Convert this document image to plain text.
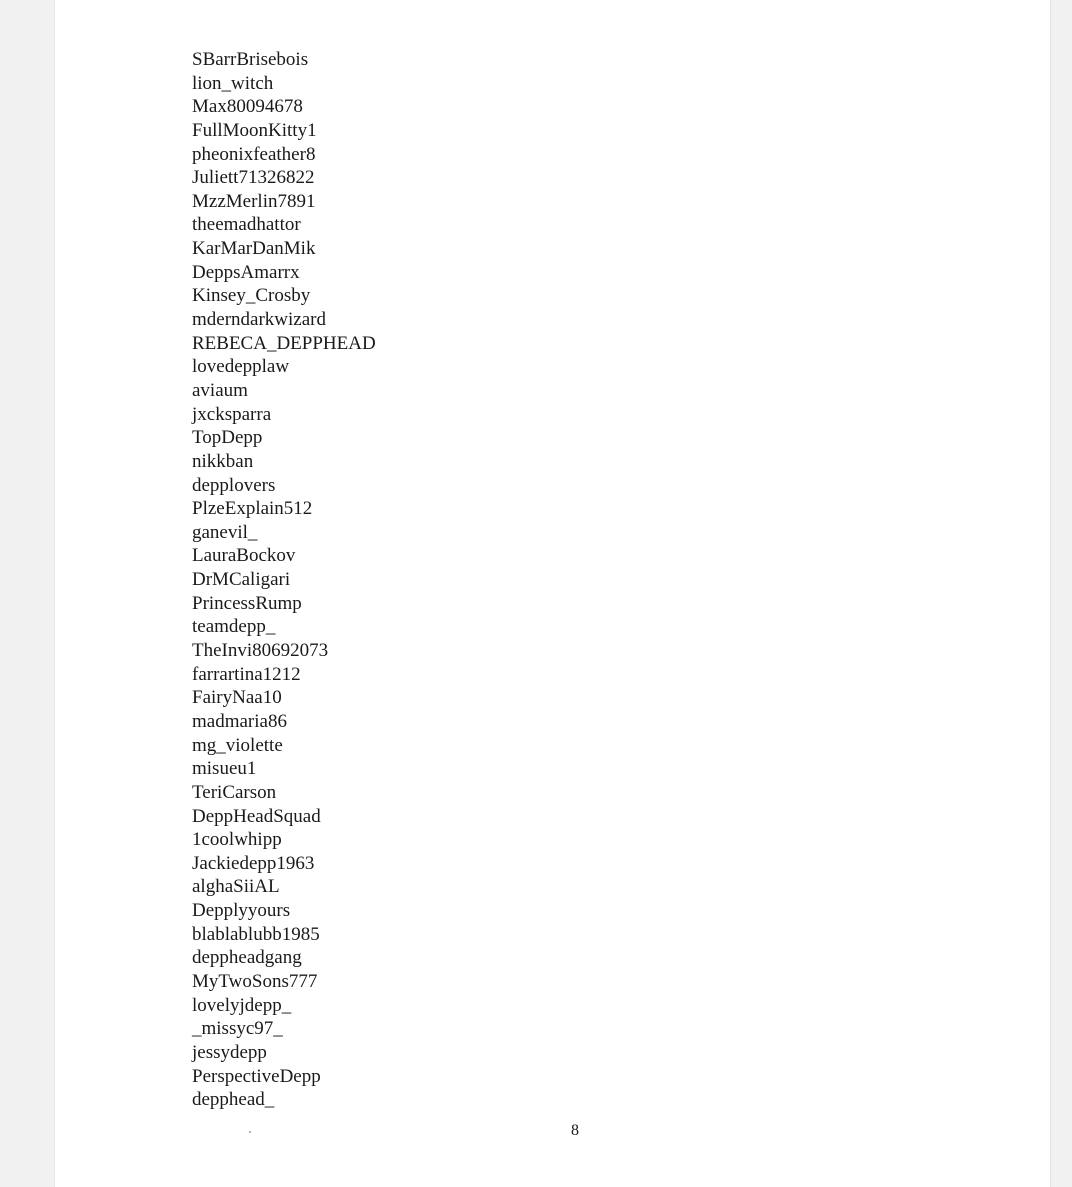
SBarrBrisebois
lion_witch
Max80094678
FullMoonKitty1
pheonixfeather8
Juliett71326822
MzzMerlin7891
theemadhattor
KarMarDanMik
DeppsAmarrx
Kinsey_Crosby
mderndarkwizard
REBECA_DEPPHEAD
lovedepplaw
aviaum
jxcksparra
TopDepp
nikkban
depplovers
PlzeExplain512
ganevil_
LauraBockov
DrMCaligari
PrincessRump
teamdepp_
TheInvi80692073
farrartina1212
FairyNaa10
madmaria86
mg_violette
misueu1
TeriCarson
DeppHeadSquad
1coolwhipp
Jackiedepp1963
alghaSiiAL
Depplyyours
blablablubb1985
deppheadgang
MyTwoSons777
lovelyjdepp_
_missyc97_
jessydepp
PerspectiveDepp
depphead_
8
